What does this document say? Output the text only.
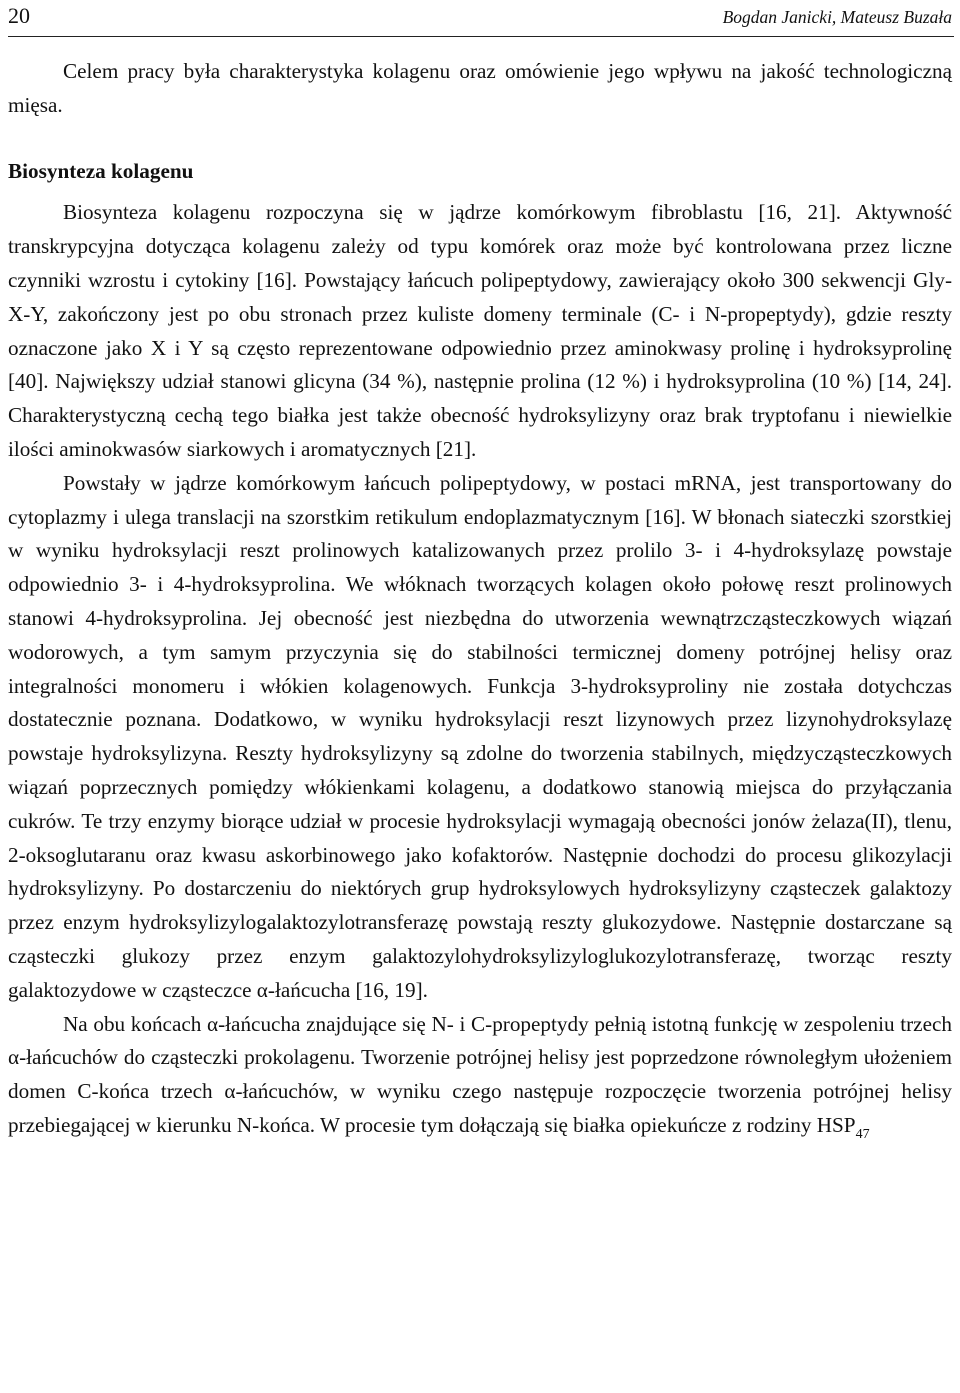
20	Bogdan Janicki, Mateusz Buzała

Celem pracy była charakterystyka kolagenu oraz omówienie jego wpływu na jakość technologiczną mięsa.

Biosynteza kolagenu

Biosynteza kolagenu rozpoczyna się w jądrze komórkowym fibroblastu [16, 21]. Aktywność transkrypcyjna dotycząca kolagenu zależy od typu komórek oraz może być kontrolowana przez liczne czynniki wzrostu i cytokiny [16]. Powstający łańcuch polipeptydowy, zawierający około 300 sekwencji Gly-X-Y, zakończony jest po obu stronach przez kuliste domeny terminale (C- i N-propeptydy), gdzie reszty oznaczone jako X i Y są często reprezentowane odpowiednio przez aminokwasy prolinę i hydroksyprolinę [40]. Największy udział stanowi glicyna (34 %), następnie prolina (12 %) i hydroksyprolina (10 %) [14, 24]. Charakterystyczną cechą tego białka jest także obecność hydroksylizyny oraz brak tryptofanu i niewielkie ilości aminokwasów siarkowych i aromatycznych [21].

Powstały w jądrze komórkowym łańcuch polipeptydowy, w postaci mRNA, jest transportowany do cytoplazmy i ulega translacji na szorstkim retikulum endoplazmatycznym [16]. W błonach siateczki szorstkiej w wyniku hydroksylacji reszt prolinowych katalizowanych przez prolilo 3- i 4-hydroksylazę powstaje odpowiednio 3- i 4-hydroksyprolina. We włóknach tworzących kolagen około połowę reszt prolinowych stanowi 4-hydroksyprolina. Jej obecność jest niezbędna do utworzenia wewnątrzcząsteczkowych wiązań wodorowych, a tym samym przyczynia się do stabilności termicznej domeny potrójnej helisy oraz integralności monomeru i włókien kolagenowych. Funkcja 3-hydroksyproliny nie została dotychczas dostatecznie poznana. Dodatkowo, w wyniku hydroksylacji reszt lizynowych przez lizynohydroksylazę powstaje hydroksylizyna. Reszty hydroksylizyny są zdolne do tworzenia stabilnych, międzycząsteczkowych wiązań poprzecznych pomiędzy włókienkami kolagenu, a dodatkowo stanowią miejsca do przyłączania cukrów. Te trzy enzymy biorące udział w procesie hydroksylacji wymagają obecności jonów żelaza(II), tlenu, 2-oksoglutaranu oraz kwasu askorbinowego jako kofaktorów. Następnie dochodzi do procesu glikozylacji hydroksylizyny. Po dostarczeniu do niektórych grup hydroksylowych hydroksylizyny cząsteczek galaktozy przez enzym hydroksylizylogalaktozylotransferazę powstają reszty glukozydowe. Następnie dostarczane są cząsteczki glukozy przez enzym galaktozylohydroksylizyloglukozylotransferazę, tworząc reszty galaktozydowe w cząsteczce α-łańcucha [16, 19].

Na obu końcach α-łańcucha znajdujące się N- i C-propeptydy pełnią istotną funkcję w zespoleniu trzech α-łańcuchów do cząsteczki prokolagenu. Tworzenie potrójnej helisy jest poprzedzone równoległym ułożeniem domen C-końca trzech α-łańcuchów, w wyniku czego następuje rozpoczęcie tworzenia potrójnej helisy przebiegającej w kierunku N-końca. W procesie tym dołączają się białka opiekuńcze z rodziny $HSP_{47}$
